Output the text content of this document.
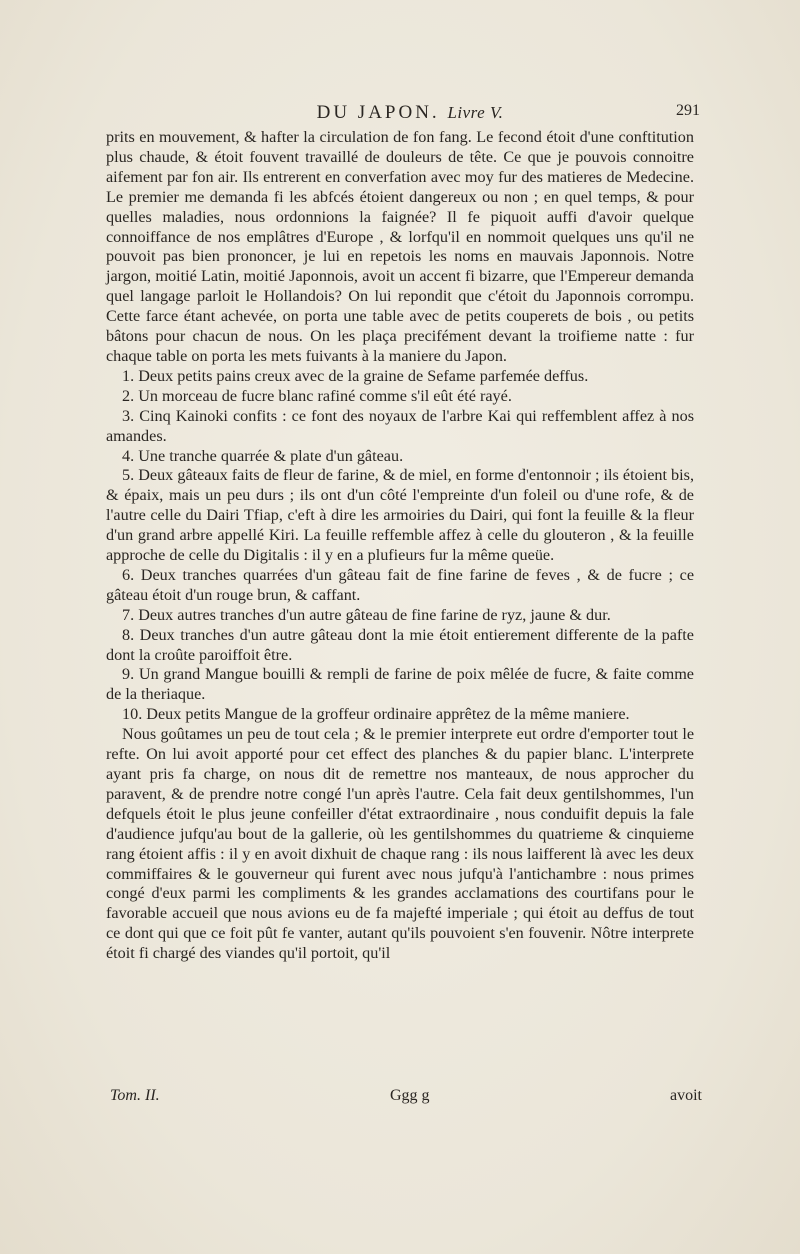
DU JAPON. Livre V.	291

prits en mouvement, & hafter la circulation de fon fang. Le fecond étoit d'une conftitution plus chaude, & étoit fouvent travaillé de douleurs de tête. Ce que je pouvois connoitre aifement par fon air. Ils entrerent en converfation avec moy fur des matieres de Medecine. Le premier me demanda fi les abfcés étoient dangereux ou non ; en quel temps, & pour quelles maladies, nous ordonnions la faignée? Il fe piquoit auffi d'avoir quelque connoiffance de nos emplâtres d'Europe , & lorfqu'il en nommoit quelques uns qu'il ne pouvoit pas bien prononcer, je lui en repetois les noms en mauvais Japonnois. Notre jargon, moitié Latin, moitié Japonnois, avoit un accent fi bizarre, que l'Empereur demanda quel langage parloit le Hollandois? On lui repondit que c'étoit du Japonnois corrompu. Cette farce étant achevée, on porta une table avec de petits couperets de bois , ou petits bâtons pour chacun de nous. On les plaça precifément devant la troifieme natte : fur chaque table on porta les mets fuivants à la maniere du Japon.

1. Deux petits pains creux avec de la graine de Sefame parfemée deffus.

2. Un morceau de fucre blanc rafiné comme s'il eût été rayé.

3. Cinq Kainoki confits : ce font des noyaux de l'arbre Kai qui reffemblent affez à nos amandes.

4. Une tranche quarrée & plate d'un gâteau.

5. Deux gâteaux faits de fleur de farine, & de miel, en forme d'entonnoir ; ils étoient bis, & épaix, mais un peu durs ; ils ont d'un côté l'empreinte d'un foleil ou d'une rofe, & de l'autre celle du Dairi Tfiap, c'eft à dire les armoiries du Dairi, qui font la feuille & la fleur d'un grand arbre appellé Kiri. La feuille reffemble affez à celle du glouteron , & la feuille approche de celle du Digitalis : il y en a plufieurs fur la même queüe.

6. Deux tranches quarrées d'un gâteau fait de fine farine de feves , & de fucre ; ce gâteau étoit d'un rouge brun, & caffant.

7. Deux autres tranches d'un autre gâteau de fine farine de ryz, jaune & dur.

8. Deux tranches d'un autre gâteau dont la mie étoit entierement differente de la pafte dont la croûte paroiffoit être.

9. Un grand Mangue bouilli & rempli de farine de poix mêlée de fucre, & faite comme de la theriaque.

10. Deux petits Mangue de la groffeur ordinaire apprêtez de la même maniere.

Nous goûtames un peu de tout cela ; & le premier interprete eut ordre d'emporter tout le refte. On lui avoit apporté pour cet effect des planches & du papier blanc. L'interprete ayant pris fa charge, on nous dit de remettre nos manteaux, de nous approcher du paravent, & de prendre notre congé l'un après l'autre. Cela fait deux gentilshommes, l'un defquels étoit le plus jeune confeiller d'état extraordinaire , nous conduifit depuis la fale d'audience jufqu'au bout de la gallerie, où les gentilshommes du quatrieme & cinquieme rang étoient affis : il y en avoit dixhuit de chaque rang : ils nous laifferent là avec les deux commiffaires & le gouverneur qui furent avec nous jufqu'à l'antichambre : nous primes congé d'eux parmi les compliments & les grandes acclamations des courtifans pour le favorable accueil que nous avions eu de fa majefté imperiale ; qui étoit au deffus de tout ce dont qui que ce foit pût fe vanter, autant qu'ils pouvoient s'en fouvenir. Nôtre interprete étoit fi chargé des viandes qu'il portoit, qu'il

Tom. II.	Ggg g	avoit
